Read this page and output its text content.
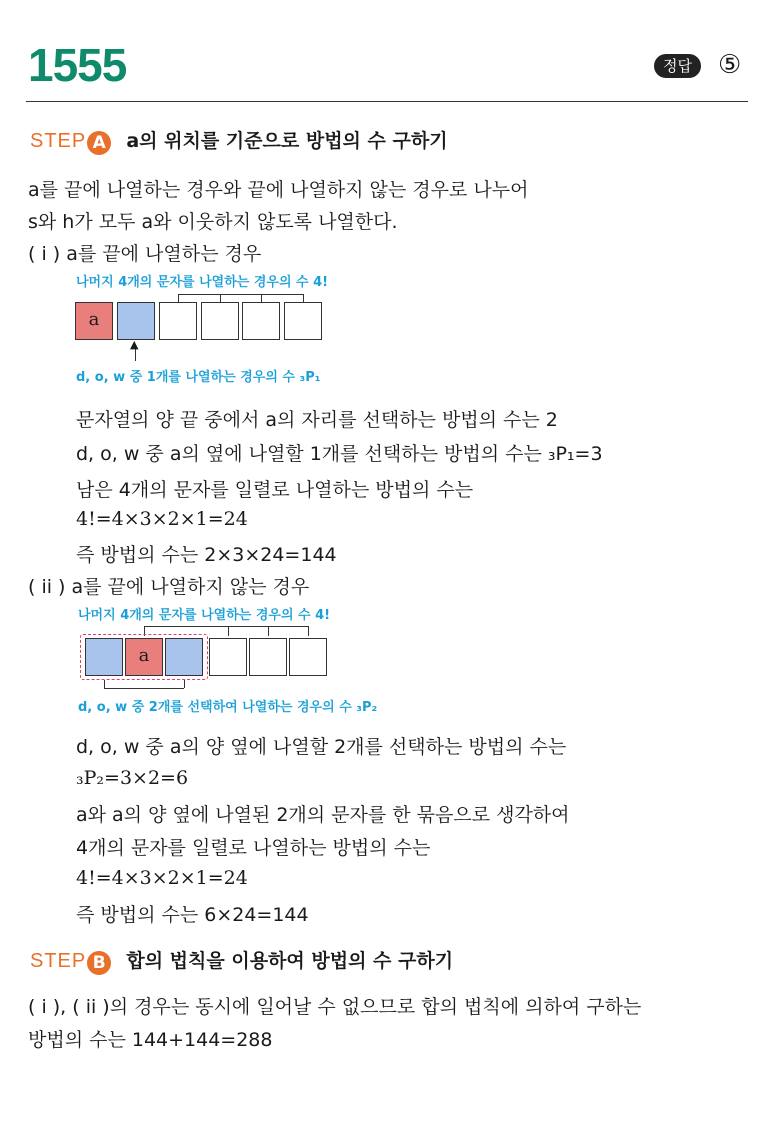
1555	정답	⑤
STEP A a의 위치를 기준으로 방법의 수 구하기
a를 끝에 나열하는 경우와 끝에 나열하지 않는 경우로 나누어
s와 h가 모두 a와 이웃하지 않도록 나열한다.
( i ) a를 끝에 나열하는 경우
나머지 4개의 문자를 나열하는 경우의 수 4!
a
▲
d, o, w 중 1개를 나열하는 경우의 수 ₃P₁
문자열의 양 끝 중에서 a의 자리를 선택하는 방법의 수는 2
d, o, w 중 a의 옆에 나열할 1개를 선택하는 방법의 수는 ₃P₁=3
남은 4개의 문자를 일렬로 나열하는 방법의 수는
4!=4×3×2×1=24
즉 방법의 수는 2×3×24=144
( ii ) a를 끝에 나열하지 않는 경우
나머지 4개의 문자를 나열하는 경우의 수 4!
a
d, o, w 중 2개를 선택하여 나열하는 경우의 수 ₃P₂
d, o, w 중 a의 양 옆에 나열할 2개를 선택하는 방법의 수는
₃P₂=3×2=6
a와 a의 양 옆에 나열된 2개의 문자를 한 묶음으로 생각하여
4개의 문자를 일렬로 나열하는 방법의 수는
4!=4×3×2×1=24
즉 방법의 수는 6×24=144
STEP B 합의 법칙을 이용하여 방법의 수 구하기
( i ), ( ii )의 경우는 동시에 일어날 수 없으므로 합의 법칙에 의하여 구하는
방법의 수는 144+144=288
